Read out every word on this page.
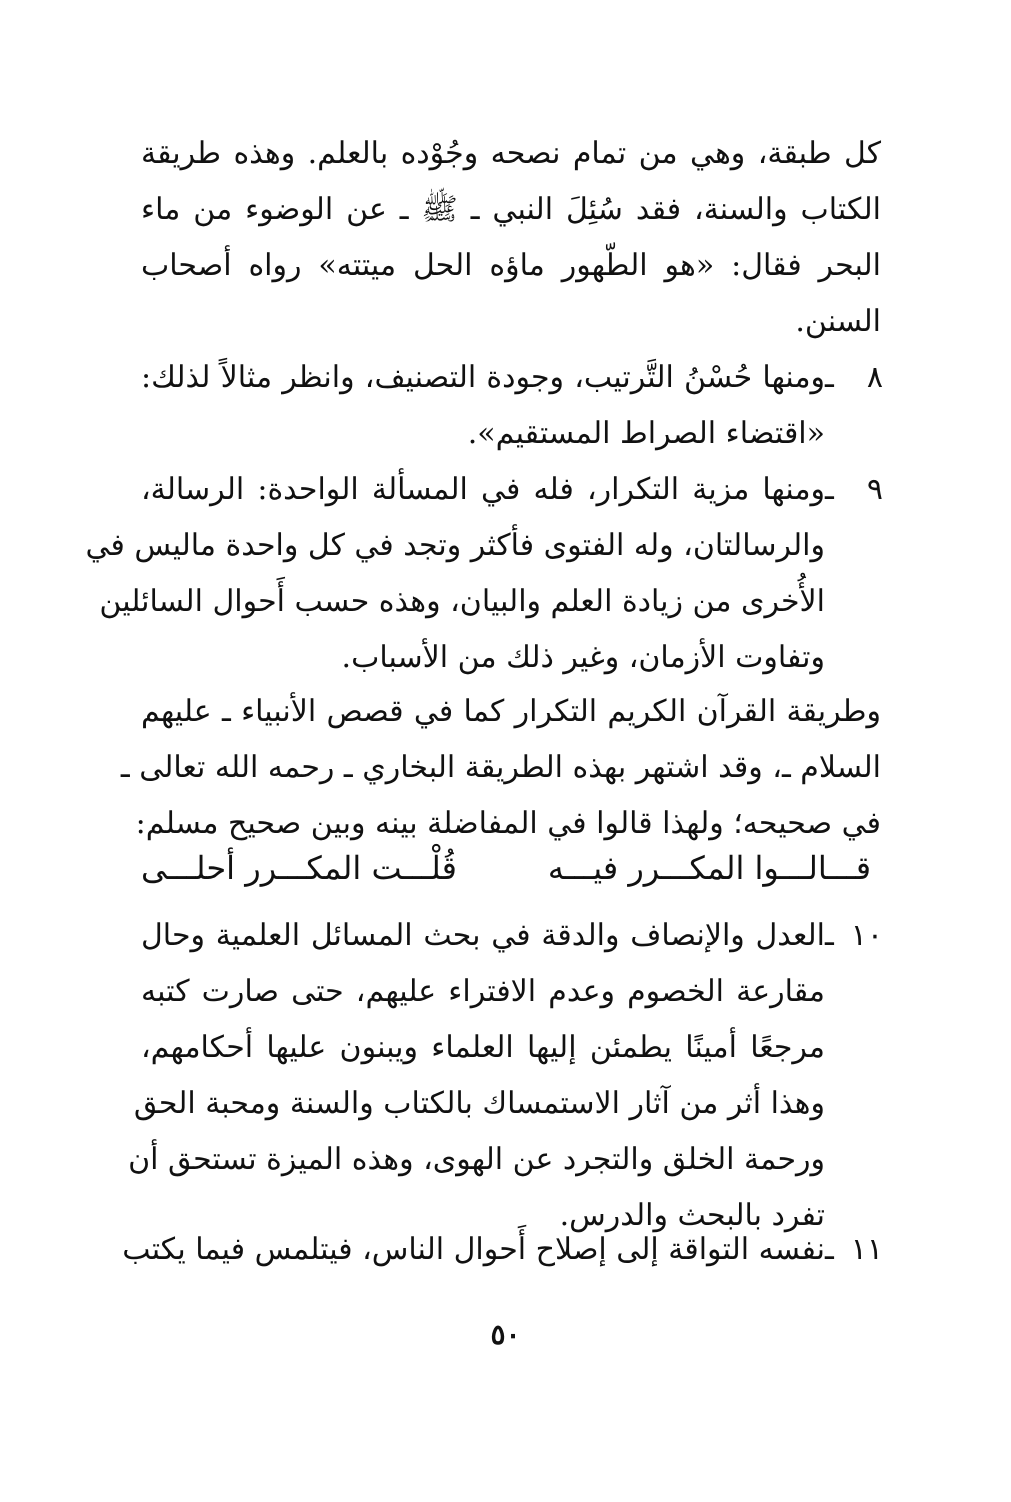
كل طبقة، وهي من تمام نصحه وجُوْده بالعلم. وهذه طريقة
الكتاب والسنة، فقد سُئِلَ النبي ـ ﷺ ـ عن الوضوء من ماء
البحر فقال: «هو الطّهور ماؤه الحل ميتته» رواه أصحاب
السنن.
٨ ـومنها حُسْنُ التَّرتيب، وجودة التصنيف، وانظر مثالاً لذلك:
«اقتضاء الصراط المستقيم».
٩ ـومنها مزية التكرار، فله في المسألة الواحدة: الرسالة،
والرسالتان، وله الفتوى فأكثر وتجد في كل واحدة ماليس في
الأُخرى من زيادة العلم والبيان، وهذه حسب أَحوال السائلين
وتفاوت الأزمان، وغير ذلك من الأسباب.
وطريقة القرآن الكريم التكرار كما في قصص الأنبياء ـ عليهم
السلام ـ، وقد اشتهر بهذه الطريقة البخاري ـ رحمه الله تعالى ـ
في صحيحه؛ ولهذا قالوا في المفاضلة بينه وبين صحيح مسلم:
قـــالـــوا المكـــرر فيـــه
قُلْـــت المكـــرر أحلـــى
١٠ ـالعدل والإنصاف والدقة في بحث المسائل العلمية وحال
مقارعة الخصوم وعدم الافتراء عليهم، حتى صارت كتبه
مرجعًا أمينًا يطمئن إليها العلماء ويبنون عليها أحكامهم،
وهذا أثر من آثار الاستمساك بالكتاب والسنة ومحبة الحق
ورحمة الخلق والتجرد عن الهوى، وهذه الميزة تستحق أن
تفرد بالبحث والدرس.
١١ ـنفسه التواقة إلى إصلاح أَحوال الناس، فيتلمس فيما يكتب
٥٠
